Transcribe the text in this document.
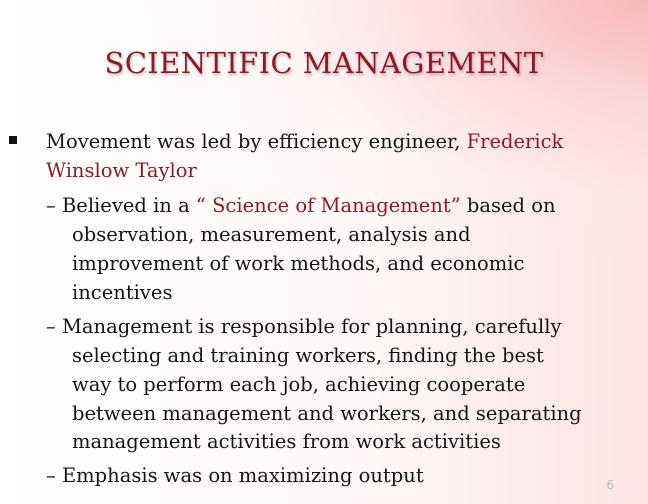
SCIENTIFIC MANAGEMENT
Movement was led by efficiency engineer, Frederick
Winslow Taylor
– Believed in a “ Science of Management” based on
observation, measurement, analysis and
improvement of work methods, and economic
incentives
– Management is responsible for planning, carefully
selecting and training workers, finding the best
way to perform each job, achieving cooperate
between management and workers, and separating
management activities from work activities
– Emphasis was on maximizing output	6
